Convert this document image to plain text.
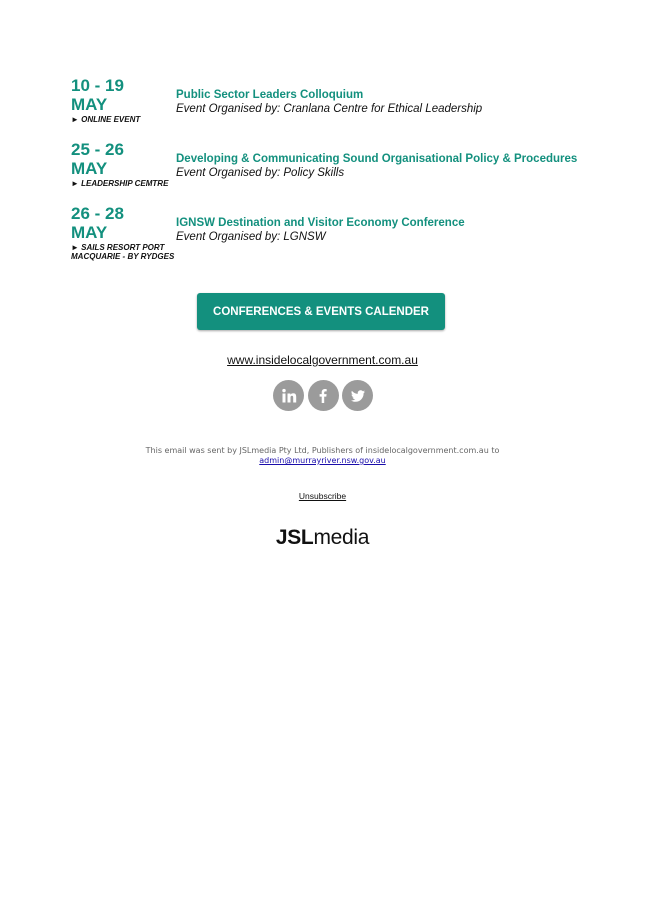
10 - 19
MAY
► ONLINE EVENT
Public Sector Leaders Colloquium
Event Organised by: Cranlana Centre for Ethical Leadership
25 - 26
MAY
► LEADERSHIP CEMTRE
Developing & Communicating Sound Organisational Policy & Procedures
Event Organised by: Policy Skills
26 - 28
MAY
► SAILS RESORT PORT MACQUARIE - BY RYDGES
IGNSW Destination and Visitor Economy Conference
Event Organised by: LGNSW
CONFERENCES & EVENTS CALENDER
www.insidelocalgovernment.com.au
This email was sent by JSLmedia Pty Ltd, Publishers of insidelocalgovernment.com.au to
admin@murrayriver.nsw.gov.au
Unsubscribe
JSLmedia
